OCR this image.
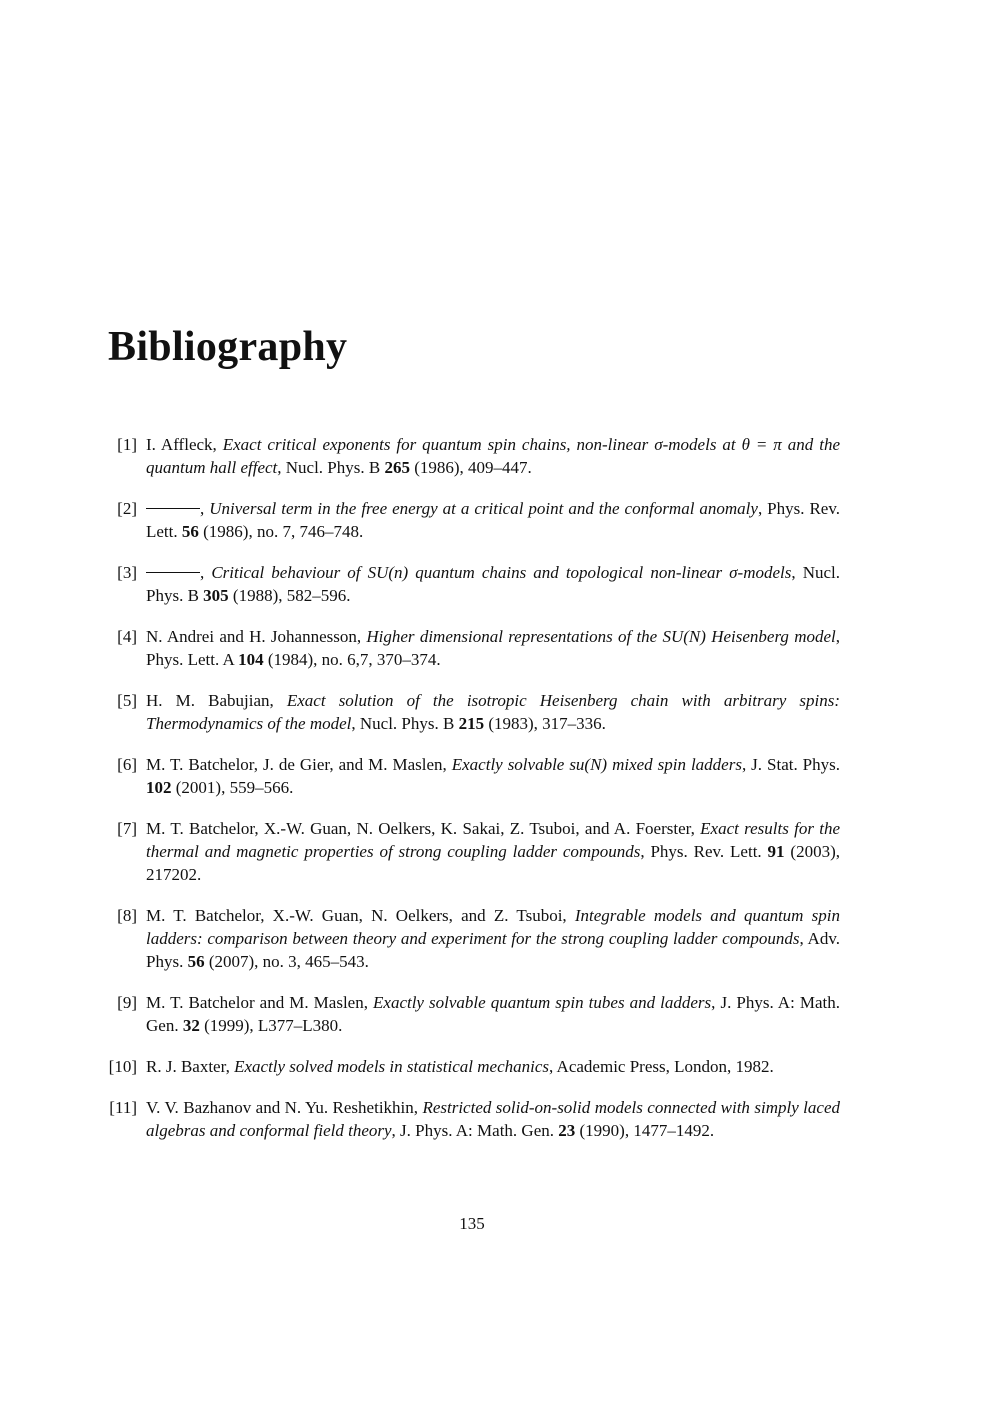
Bibliography
[1] I. Affleck, Exact critical exponents for quantum spin chains, non-linear σ-models at θ = π and the quantum hall effect, Nucl. Phys. B 265 (1986), 409–447.
[2]	, Universal term in the free energy at a critical point and the conformal anomaly, Phys. Rev. Lett. 56 (1986), no. 7, 746–748.
[3]	, Critical behaviour of SU(n) quantum chains and topological non-linear σ-models, Nucl. Phys. B 305 (1988), 582–596.
[4] N. Andrei and H. Johannesson, Higher dimensional representations of the SU(N) Heisenberg model, Phys. Lett. A 104 (1984), no. 6,7, 370–374.
[5] H. M. Babujian, Exact solution of the isotropic Heisenberg chain with arbitrary spins: Thermodynamics of the model, Nucl. Phys. B 215 (1983), 317–336.
[6] M. T. Batchelor, J. de Gier, and M. Maslen, Exactly solvable su(N) mixed spin ladders, J. Stat. Phys. 102 (2001), 559–566.
[7] M. T. Batchelor, X.-W. Guan, N. Oelkers, K. Sakai, Z. Tsuboi, and A. Foerster, Exact results for the thermal and magnetic properties of strong coupling ladder compounds, Phys. Rev. Lett. 91 (2003), 217202.
[8] M. T. Batchelor, X.-W. Guan, N. Oelkers, and Z. Tsuboi, Integrable models and quantum spin ladders: comparison between theory and experiment for the strong coupling ladder compounds, Adv. Phys. 56 (2007), no. 3, 465–543.
[9] M. T. Batchelor and M. Maslen, Exactly solvable quantum spin tubes and ladders, J. Phys. A: Math. Gen. 32 (1999), L377–L380.
[10] R. J. Baxter, Exactly solved models in statistical mechanics, Academic Press, London, 1982.
[11] V. V. Bazhanov and N. Yu. Reshetikhin, Restricted solid-on-solid models connected with simply laced algebras and conformal field theory, J. Phys. A: Math. Gen. 23 (1990), 1477–1492.
135
